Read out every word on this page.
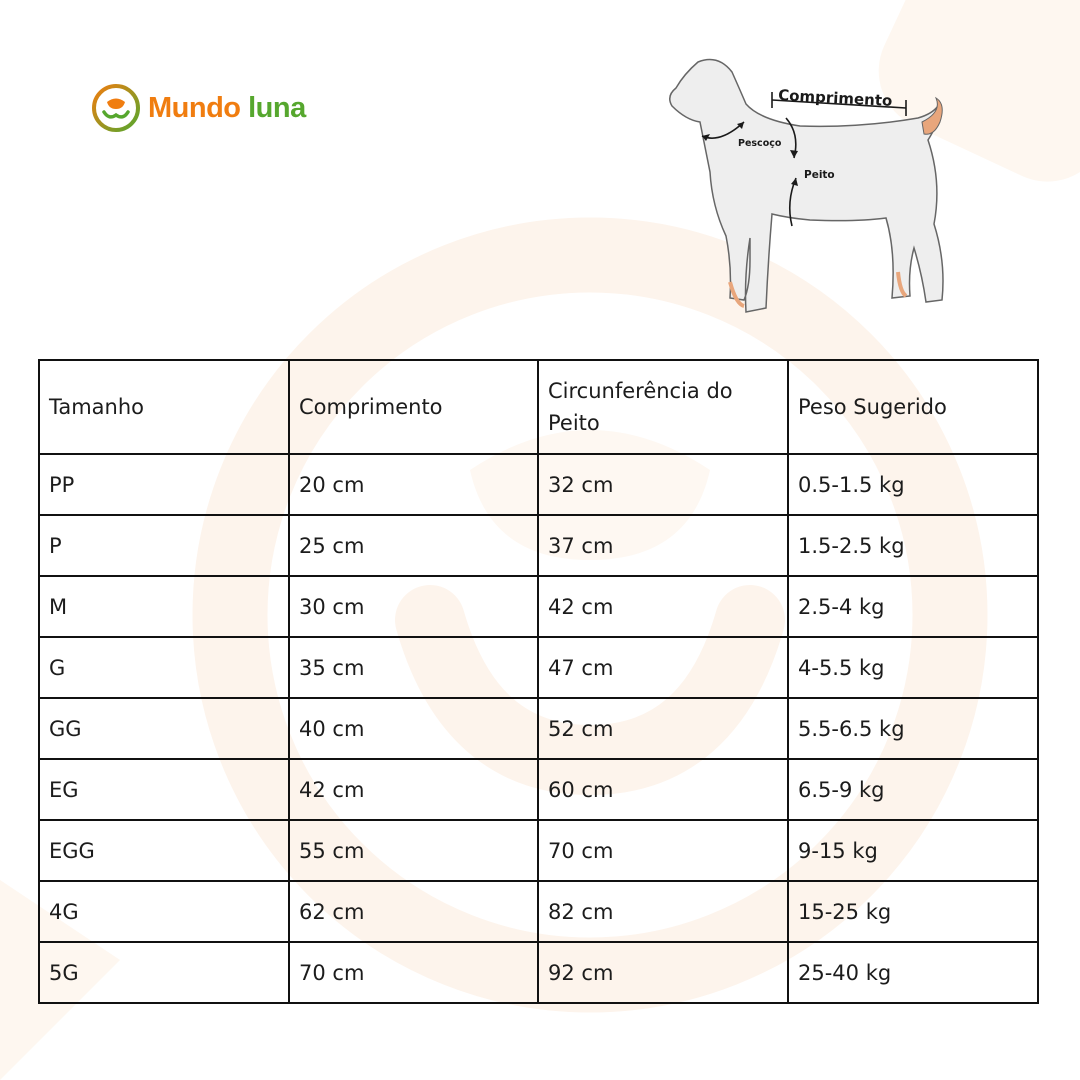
Mundo luna	Comprimento
Pescoço
Peito
Tamanho	Comprimento	Circunferência do Peito	Peso Sugerido
PP	20 cm	32 cm	0.5-1.5 kg
P	25 cm	37 cm	1.5-2.5 kg
M	30 cm	42 cm	2.5-4 kg
G	35 cm	47 cm	4-5.5 kg
GG	40 cm	52 cm	5.5-6.5 kg
EG	42 cm	60 cm	6.5-9 kg
EGG	55 cm	70 cm	9-15 kg
4G	62 cm	82 cm	15-25 kg
5G	70 cm	92 cm	25-40 kg
